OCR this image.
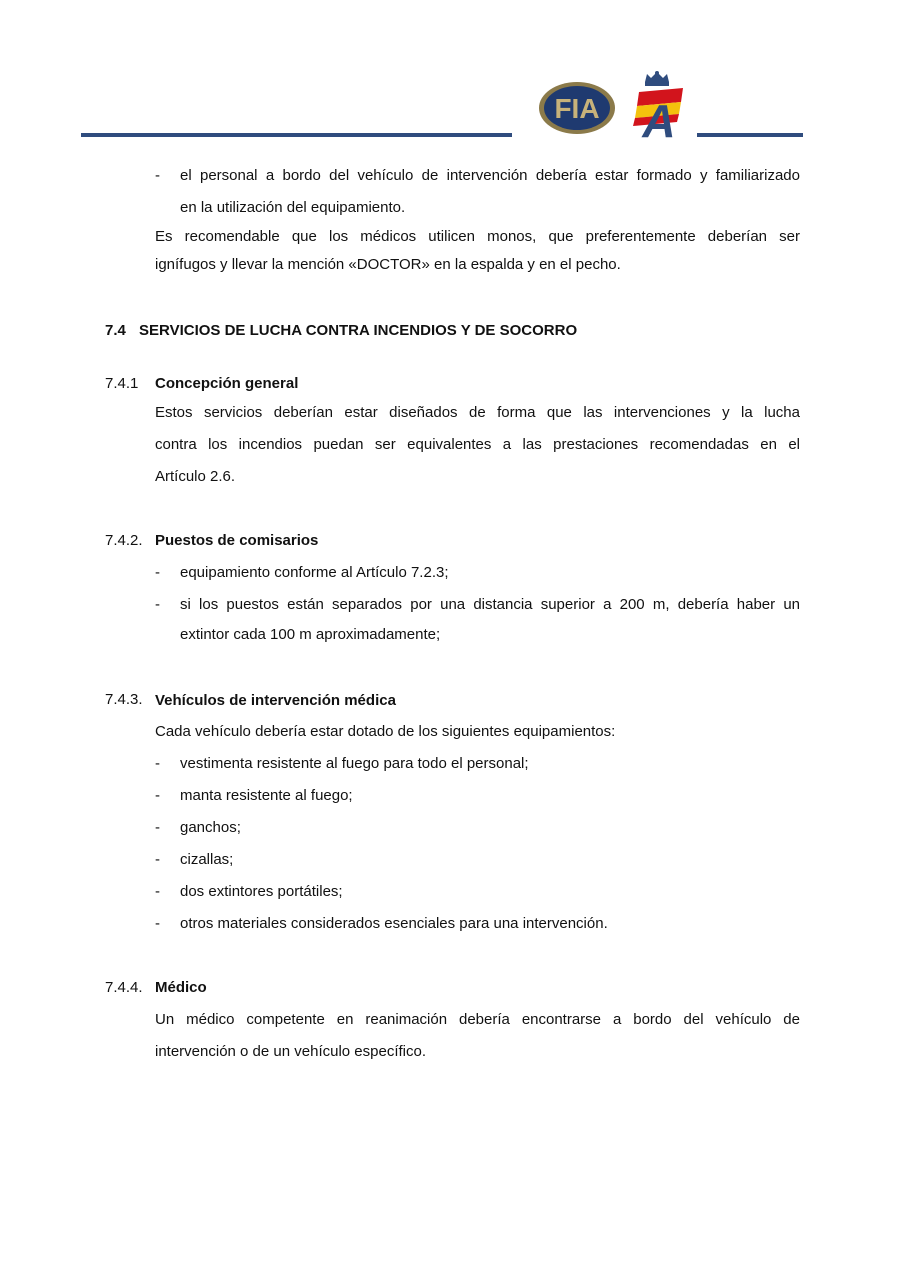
FIA A
- el personal a bordo del vehículo de intervención debería estar formado y familiarizado
en la utilización del equipamiento.
Es recomendable que los médicos utilicen monos, que preferentemente deberían ser
ignífugos y llevar la mención «DOCTOR» en la espalda y en el pecho.
7.4 SERVICIOS DE LUCHA CONTRA INCENDIOS Y DE SOCORRO
7.4.1 Concepción general
Estos servicios deberían estar diseñados de forma que las intervenciones y la lucha
contra los incendios puedan ser equivalentes a las prestaciones recomendadas en el
Artículo 2.6.
7.4.2. Puestos de comisarios
- equipamiento conforme al Artículo 7.2.3;
- si los puestos están separados por una distancia superior a 200 m, debería haber un
extintor cada 100 m aproximadamente;
7.4.3. Vehículos de intervención médica
Cada vehículo debería estar dotado de los siguientes equipamientos:
- vestimenta resistente al fuego para todo el personal;
- manta resistente al fuego;
- ganchos;
- cizallas;
- dos extintores portátiles;
- otros materiales considerados esenciales para una intervención.
7.4.4. Médico
Un médico competente en reanimación debería encontrarse a bordo del vehículo de
intervención o de un vehículo específico.
